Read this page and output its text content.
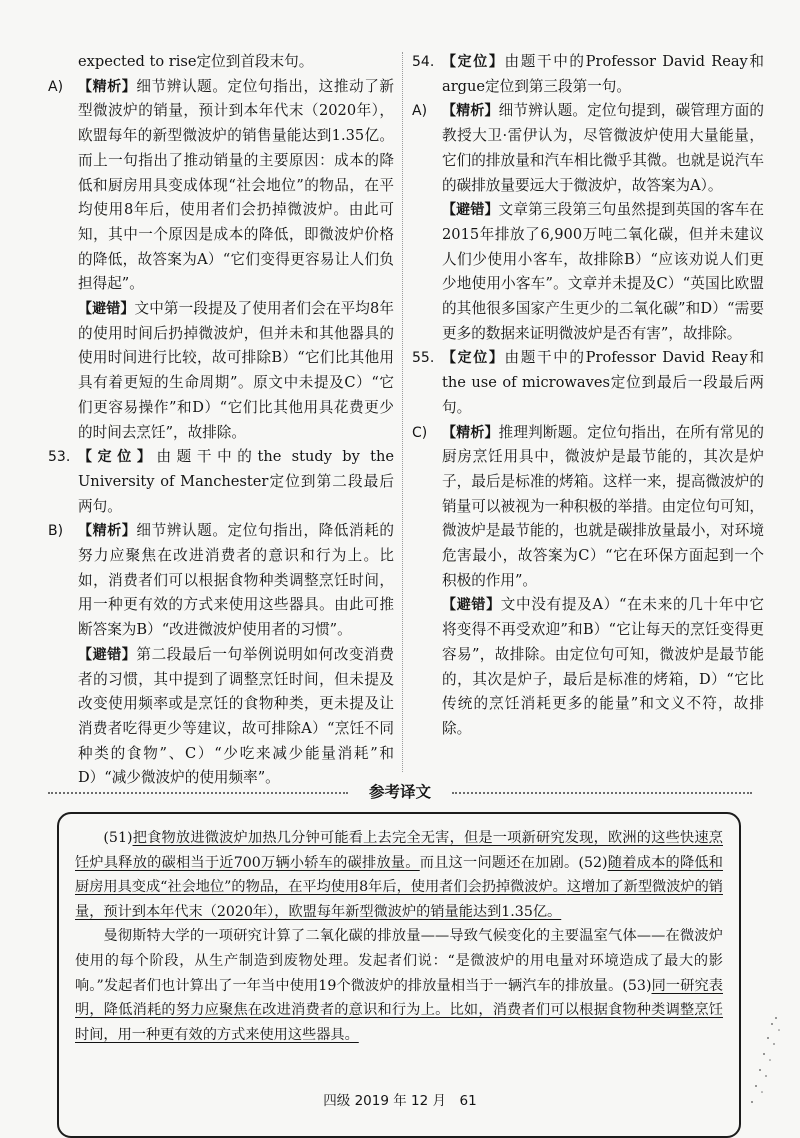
expected to rise定位到首段末句。

A)	【精析】细节辨认题。定位句指出，这推动了新型微波炉的销量，预计到本年代末（2020年），欧盟每年的新型微波炉的销售量能达到1.35亿。而上一句指出了推动销量的主要原因：成本的降低和厨房用具变成体现“社会地位”的物品，在平均使用8年后，使用者们会扔掉微波炉。由此可知，其中一个原因是成本的降低，即微波炉价格的降低，故答案为A）“它们变得更容易让人们负担得起”。

【避错】文中第一段提及了使用者们会在平均8年的使用时间后扔掉微波炉，但并未和其他器具的使用时间进行比较，故可排除B）“它们比其他用具有着更短的生命周期”。原文中未提及C）“它们更容易操作”和D）“它们比其他用具花费更少的时间去烹饪”，故排除。

53. 【定位】由题干中的the study by the University of Manchester定位到第二段最后两句。

B)	【精析】细节辨认题。定位句指出，降低消耗的努力应聚焦在改进消费者的意识和行为上。比如，消费者们可以根据食物种类调整烹饪时间，用一种更有效的方式来使用这些器具。由此可推断答案为B）“改进微波炉使用者的习惯”。

【避错】第二段最后一句举例说明如何改变消费者的习惯，其中提到了调整烹饪时间，但未提及改变使用频率或是烹饪的食物种类，更未提及让消费者吃得更少等建议，故可排除A）“烹饪不同种类的食物”、C）“少吃来减少能量消耗”和D）“减少微波炉的使用频率”。

54. 【定位】由题干中的Professor David Reay和argue定位到第三段第一句。

A)	【精析】细节辨认题。定位句提到，碳管理方面的教授大卫·雷伊认为，尽管微波炉使用大量能量，它们的排放量和汽车相比微乎其微。也就是说汽车的碳排放量要远大于微波炉，故答案为A）。

【避错】文章第三段第三句虽然提到英国的客车在2015年排放了6,900万吨二氧化碳，但并未建议人们少使用小客车，故排除B）“应该劝说人们更少地使用小客车”。文章并未提及C）“英国比欧盟的其他很多国家产生更少的二氧化碳”和D）“需要更多的数据来证明微波炉是否有害”，故排除。

55. 【定位】由题干中的Professor David Reay和the use of microwaves定位到最后一段最后两句。

C)	【精析】推理判断题。定位句指出，在所有常见的厨房烹饪用具中，微波炉是最节能的，其次是炉子，最后是标准的烤箱。这样一来，提高微波炉的销量可以被视为一种积极的举措。由定位句可知，微波炉是最节能的，也就是碳排放量最小，对环境危害最小，故答案为C）“它在环保方面起到一个积极的作用”。

【避错】文中没有提及A）“在未来的几十年中它将变得不再受欢迎”和B）“它让每天的烹饪变得更容易”，故排除。由定位句可知，微波炉是最节能的，其次是炉子，最后是标准的烤箱，D）“它比传统的烹饪消耗更多的能量”和文义不符，故排除。

参考译文

(51)把食物放进微波炉加热几分钟可能看上去完全无害，但是一项新研究发现，欧洲的这些快速烹饪炉具释放的碳相当于近700万辆小轿车的碳排放量。而且这一问题还在加剧。(52)随着成本的降低和厨房用具变成“社会地位”的物品，在平均使用8年后，使用者们会扔掉微波炉。这增加了新型微波炉的销量，预计到本年代末（2020年），欧盟每年新型微波炉的销量能达到1.35亿。

曼彻斯特大学的一项研究计算了二氧化碳的排放量——导致气候变化的主要温室气体——在微波炉使用的每个阶段，从生产制造到废物处理。发起者们说：“是微波炉的用电量对环境造成了最大的影响。”发起者们也计算出了一年当中使用19个微波炉的排放量相当于一辆汽车的排放量。(53)同一研究表明，降低消耗的努力应聚焦在改进消费者的意识和行为上。比如，消费者们可以根据食物种类调整烹饪时间，用一种更有效的方式来使用这些器具。

四级 2019 年 12 月　61
